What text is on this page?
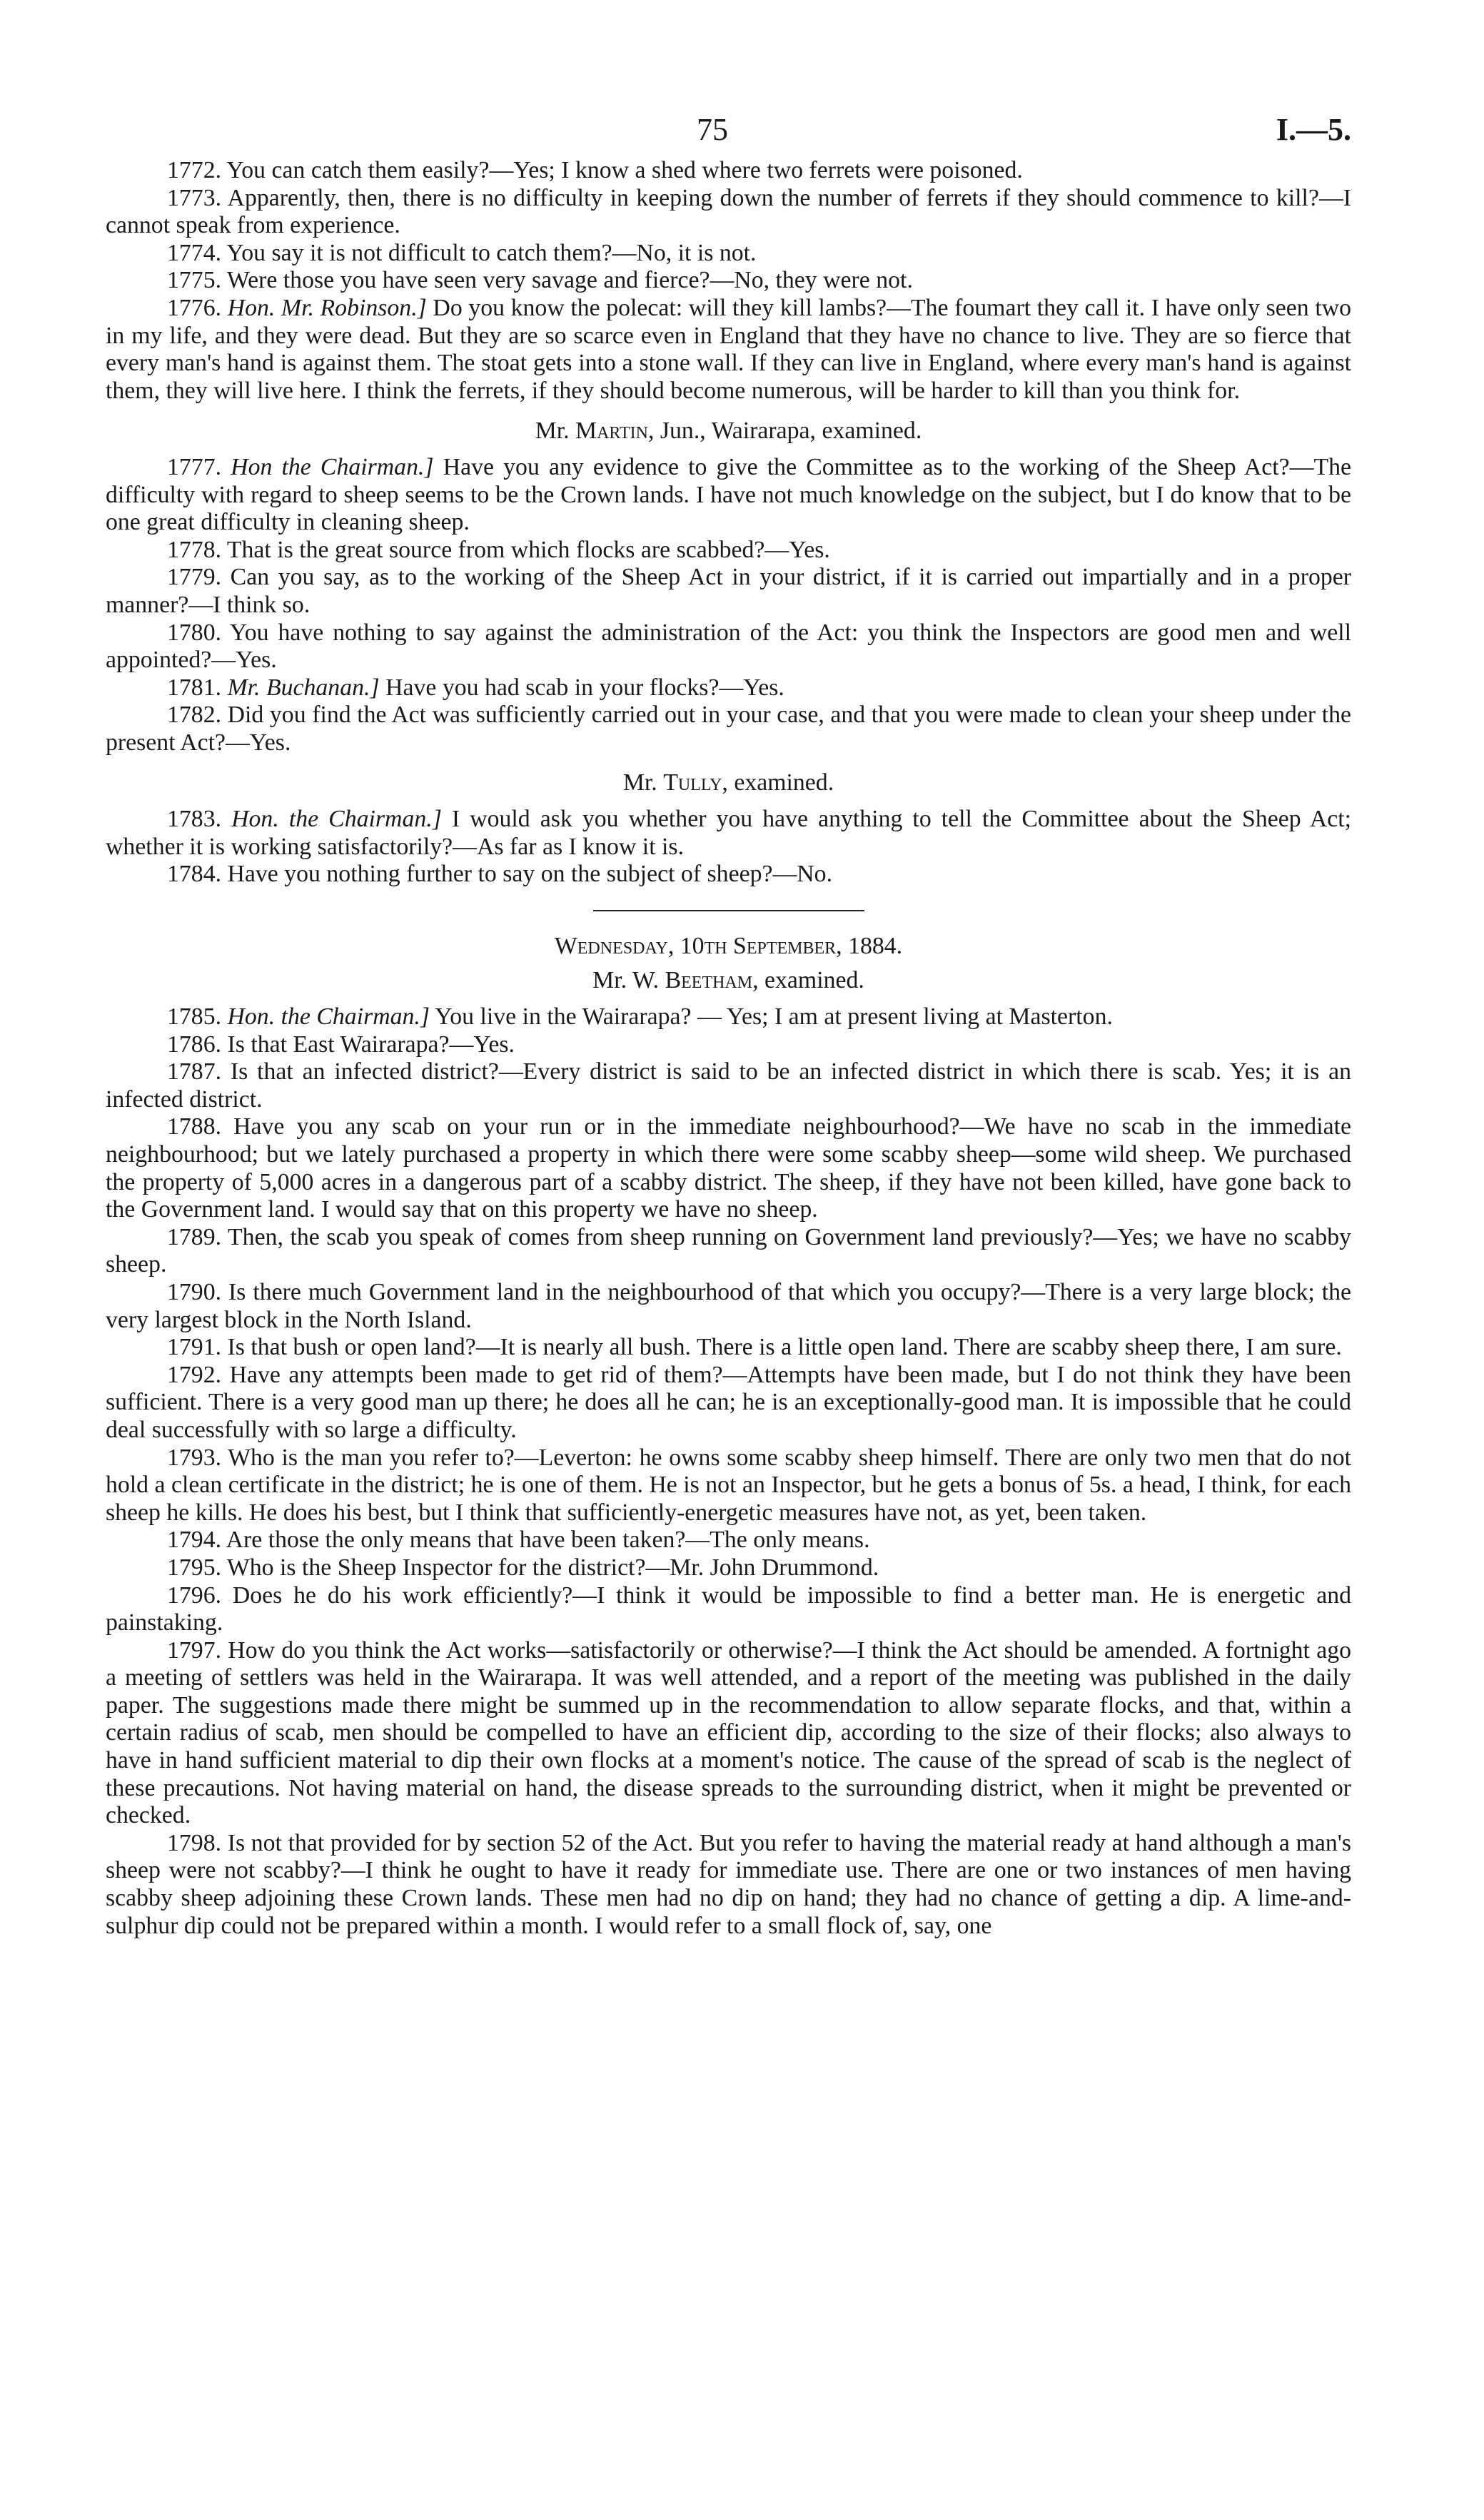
75	I.—5.

1772. You can catch them easily?—Yes; I know a shed where two ferrets were poisoned.

1773. Apparently, then, there is no difficulty in keeping down the number of ferrets if they should commence to kill?—I cannot speak from experience.

1774. You say it is not difficult to catch them?—No, it is not.

1775. Were those you have seen very savage and fierce?—No, they were not.

1776. Hon. Mr. Robinson.] Do you know the polecat: will they kill lambs?—The foumart they call it. I have only seen two in my life, and they were dead. But they are so scarce even in England that they have no chance to live. They are so fierce that every man's hand is against them. The stoat gets into a stone wall. If they can live in England, where every man's hand is against them, they will live here. I think the ferrets, if they should become numerous, will be harder to kill than you think for.

Mr. Martin, Jun., Wairarapa, examined.

1777. Hon the Chairman.] Have you any evidence to give the Committee as to the working of the Sheep Act?—The difficulty with regard to sheep seems to be the Crown lands. I have not much knowledge on the subject, but I do know that to be one great difficulty in cleaning sheep.

1778. That is the great source from which flocks are scabbed?—Yes.

1779. Can you say, as to the working of the Sheep Act in your district, if it is carried out impartially and in a proper manner?—I think so.

1780. You have nothing to say against the administration of the Act: you think the Inspectors are good men and well appointed?—Yes.

1781. Mr. Buchanan.] Have you had scab in your flocks?—Yes.

1782. Did you find the Act was sufficiently carried out in your case, and that you were made to clean your sheep under the present Act?—Yes.

Mr. Tully, examined.

1783. Hon. the Chairman.] I would ask you whether you have anything to tell the Committee about the Sheep Act; whether it is working satisfactorily?—As far as I know it is.

1784. Have you nothing further to say on the subject of sheep?—No.

Wednesday, 10th September, 1884.

Mr. W. Beetham, examined.

1785. Hon. the Chairman.] You live in the Wairarapa? — Yes; I am at present living at Masterton.

1786. Is that East Wairarapa?—Yes.

1787. Is that an infected district?—Every district is said to be an infected district in which there is scab. Yes; it is an infected district.

1788. Have you any scab on your run or in the immediate neighbourhood?—We have no scab in the immediate neighbourhood; but we lately purchased a property in which there were some scabby sheep—some wild sheep. We purchased the property of 5,000 acres in a dangerous part of a scabby district. The sheep, if they have not been killed, have gone back to the Government land. I would say that on this property we have no sheep.

1789. Then, the scab you speak of comes from sheep running on Government land previously?—Yes; we have no scabby sheep.

1790. Is there much Government land in the neighbourhood of that which you occupy?—There is a very large block; the very largest block in the North Island.

1791. Is that bush or open land?—It is nearly all bush. There is a little open land. There are scabby sheep there, I am sure.

1792. Have any attempts been made to get rid of them?—Attempts have been made, but I do not think they have been sufficient. There is a very good man up there; he does all he can; he is an exceptionally-good man. It is impossible that he could deal successfully with so large a difficulty.

1793. Who is the man you refer to?—Leverton: he owns some scabby sheep himself. There are only two men that do not hold a clean certificate in the district; he is one of them. He is not an Inspector, but he gets a bonus of 5s. a head, I think, for each sheep he kills. He does his best, but I think that sufficiently-energetic measures have not, as yet, been taken.

1794. Are those the only means that have been taken?—The only means.

1795. Who is the Sheep Inspector for the district?—Mr. John Drummond.

1796. Does he do his work efficiently?—I think it would be impossible to find a better man. He is energetic and painstaking.

1797. How do you think the Act works—satisfactorily or otherwise?—I think the Act should be amended. A fortnight ago a meeting of settlers was held in the Wairarapa. It was well attended, and a report of the meeting was published in the daily paper. The suggestions made there might be summed up in the recommendation to allow separate flocks, and that, within a certain radius of scab, men should be compelled to have an efficient dip, according to the size of their flocks; also always to have in hand sufficient material to dip their own flocks at a moment's notice. The cause of the spread of scab is the neglect of these precautions. Not having material on hand, the disease spreads to the surrounding district, when it might be prevented or checked.

1798. Is not that provided for by section 52 of the Act. But you refer to having the material ready at hand although a man's sheep were not scabby?—I think he ought to have it ready for immediate use. There are one or two instances of men having scabby sheep adjoining these Crown lands. These men had no dip on hand; they had no chance of getting a dip. A lime-and-sulphur dip could not be prepared within a month. I would refer to a small flock of, say, one
